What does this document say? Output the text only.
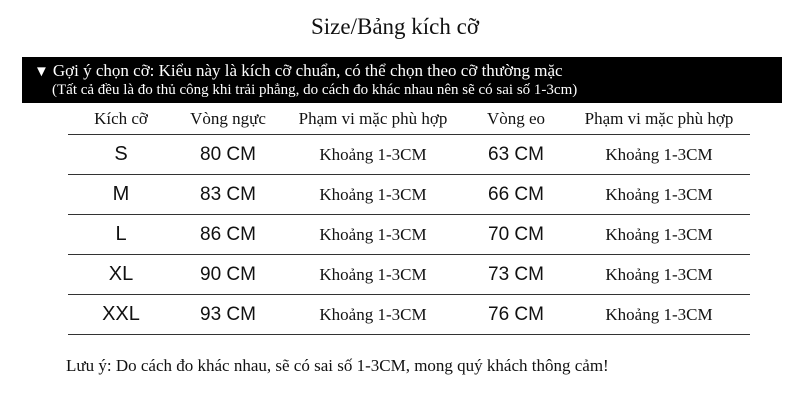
Size/Bảng kích cỡ
▼ Gợi ý chọn cỡ: Kiểu này là kích cỡ chuẩn, có thể chọn theo cỡ thường mặc
(Tất cả đều là đo thủ công khi trải phẳng, do cách đo khác nhau nên sẽ có sai số 1-3cm)
Kích cỡ	Vòng ngực	Phạm vi mặc phù hợp	Vòng eo	Phạm vi mặc phù hợp
S	80 CM	Khoảng 1-3CM	63 CM	Khoảng 1-3CM
M	83 CM	Khoảng 1-3CM	66 CM	Khoảng 1-3CM
L	86 CM	Khoảng 1-3CM	70 CM	Khoảng 1-3CM
XL	90 CM	Khoảng 1-3CM	73 CM	Khoảng 1-3CM
XXL	93 CM	Khoảng 1-3CM	76 CM	Khoảng 1-3CM
Lưu ý: Do cách đo khác nhau, sẽ có sai số 1-3CM, mong quý khách thông cảm!
